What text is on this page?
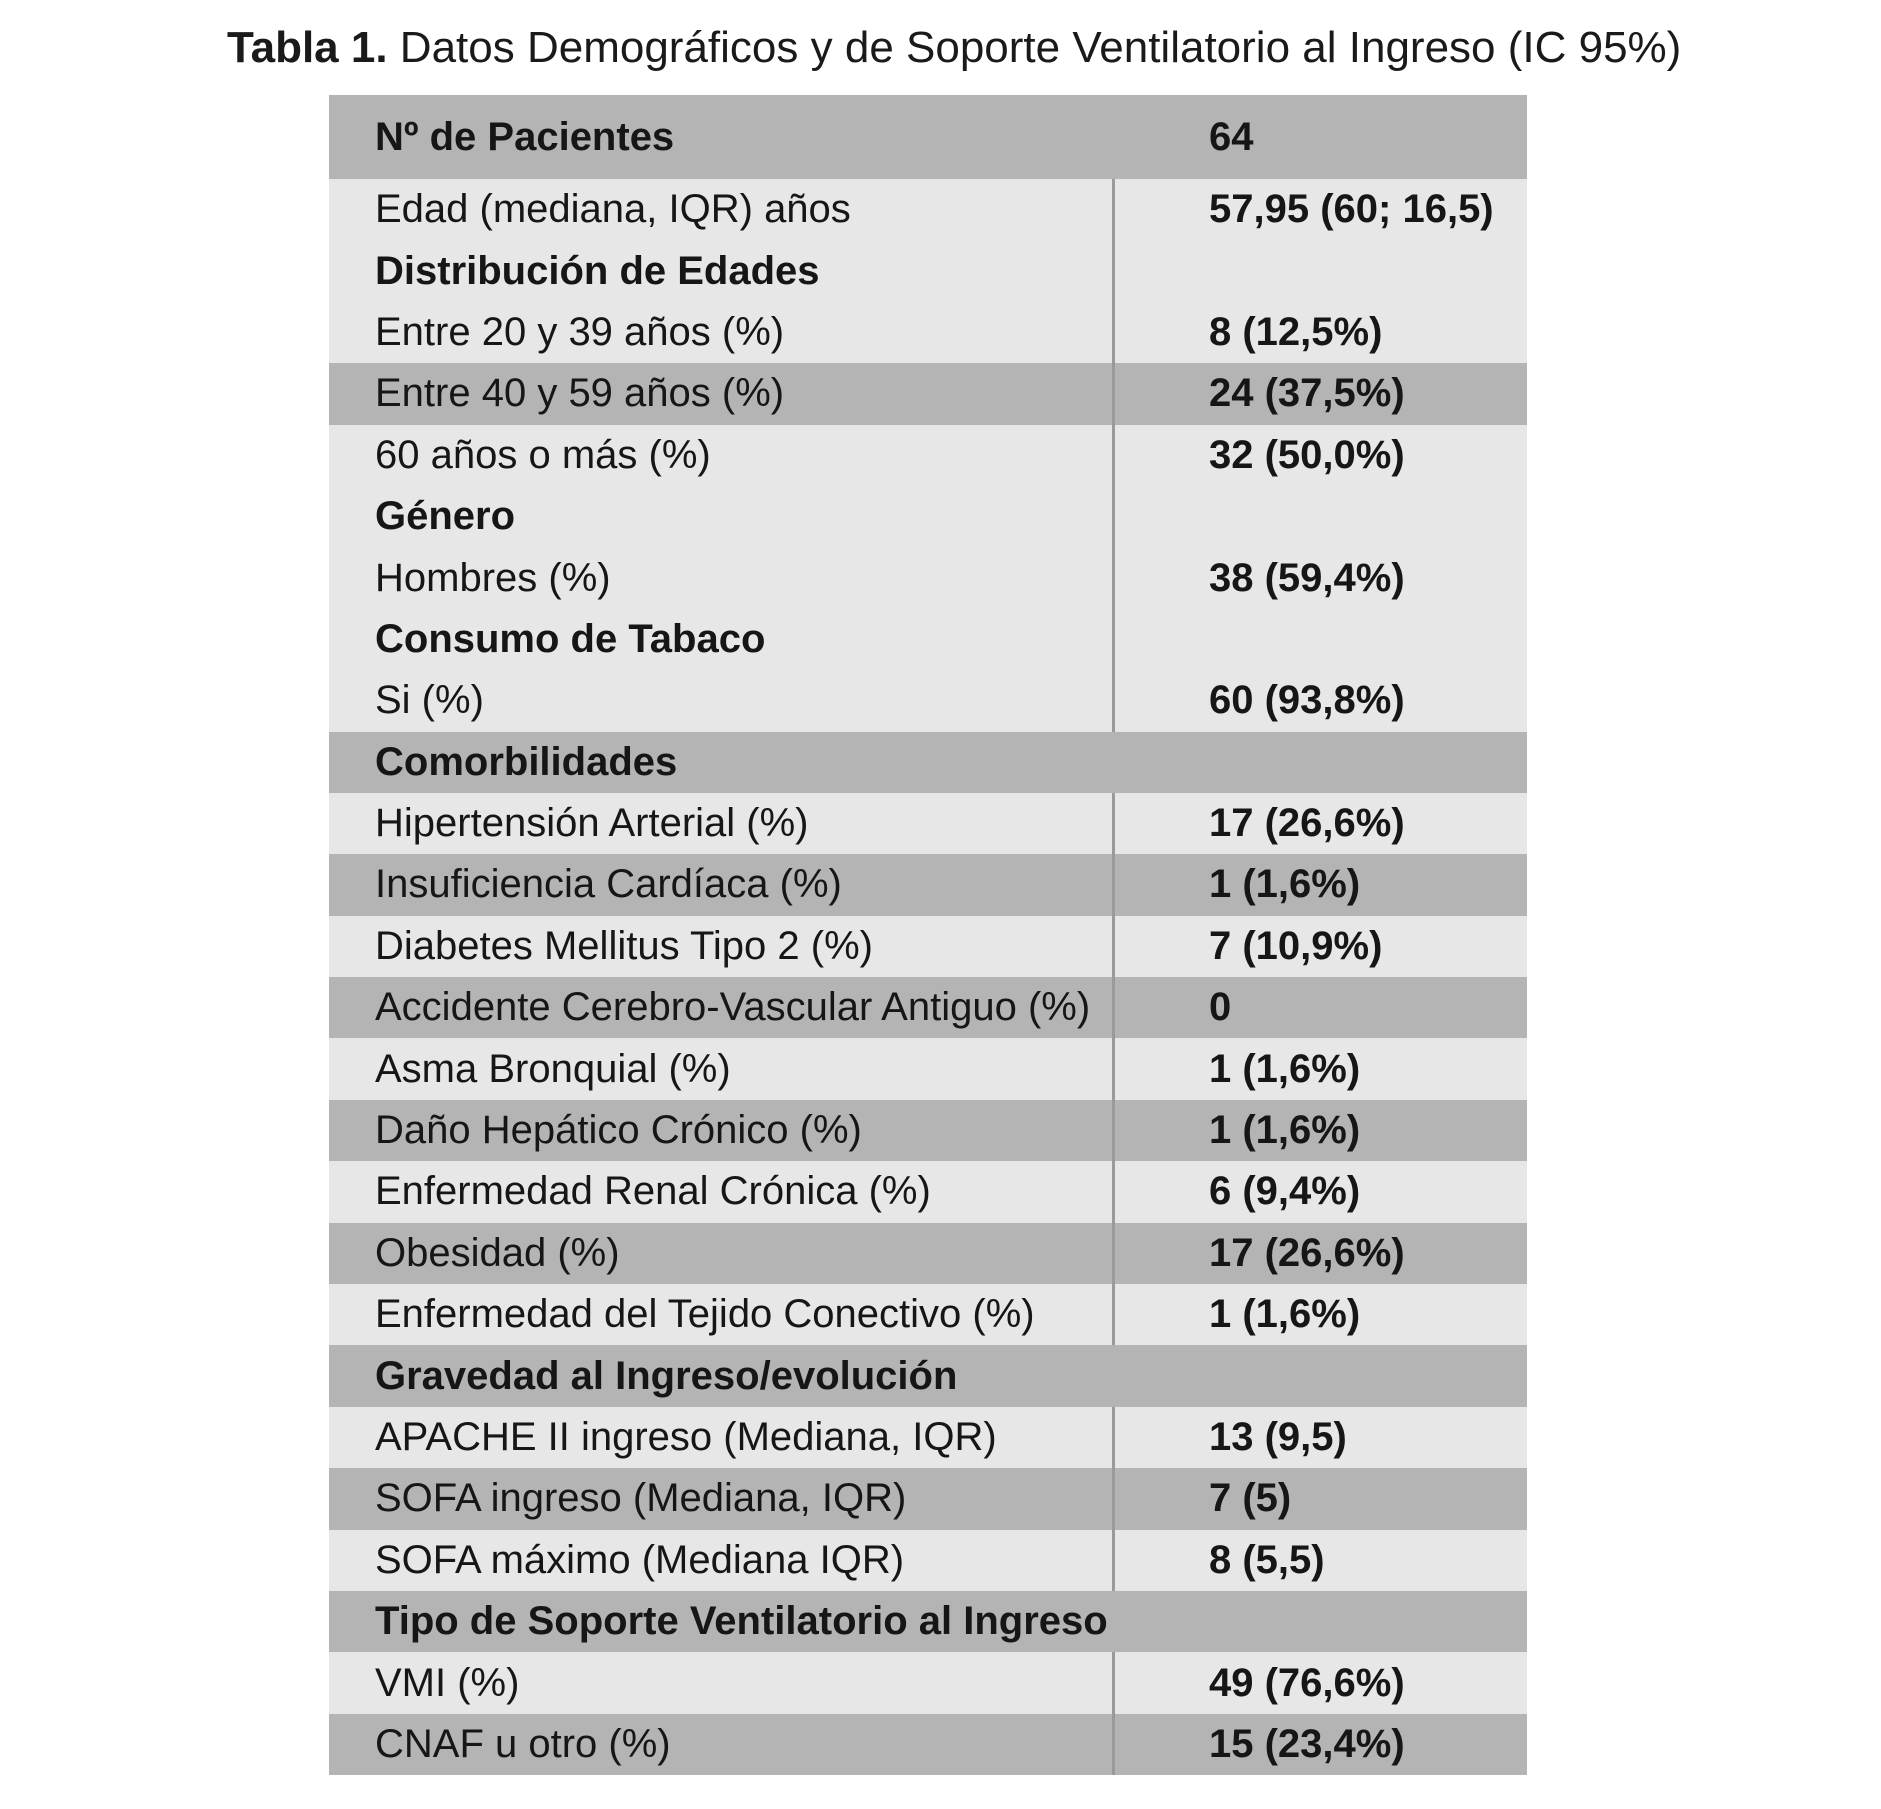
Tabla 1. Datos Demográficos y de Soporte Ventilatorio al Ingreso (IC 95%)
Nº de Pacientes	64
Edad (mediana, IQR) años	57,95 (60; 16,5)
Distribución de Edades
Entre 20 y 39 años (%)	8 (12,5%)
Entre 40 y 59 años (%)	24 (37,5%)
60 años o más (%)	32 (50,0%)
Género
Hombres (%)	38 (59,4%)
Consumo de Tabaco
Si (%)	60 (93,8%)
Comorbilidades
Hipertensión Arterial (%)	17 (26,6%)
Insuficiencia Cardíaca (%)	1 (1,6%)
Diabetes Mellitus Tipo 2 (%)	7 (10,9%)
Accidente Cerebro-Vascular Antiguo (%)	0
Asma Bronquial (%)	1 (1,6%)
Daño Hepático Crónico (%)	1 (1,6%)
Enfermedad Renal Crónica (%)	6 (9,4%)
Obesidad (%)	17 (26,6%)
Enfermedad del Tejido Conectivo (%)	1 (1,6%)
Gravedad al Ingreso/evolución
APACHE II ingreso (Mediana, IQR)	13 (9,5)
SOFA ingreso (Mediana, IQR)	7 (5)
SOFA máximo (Mediana IQR)	8 (5,5)
Tipo de Soporte Ventilatorio al Ingreso
VMI (%)	49 (76,6%)
CNAF u otro (%)	15 (23,4%)
